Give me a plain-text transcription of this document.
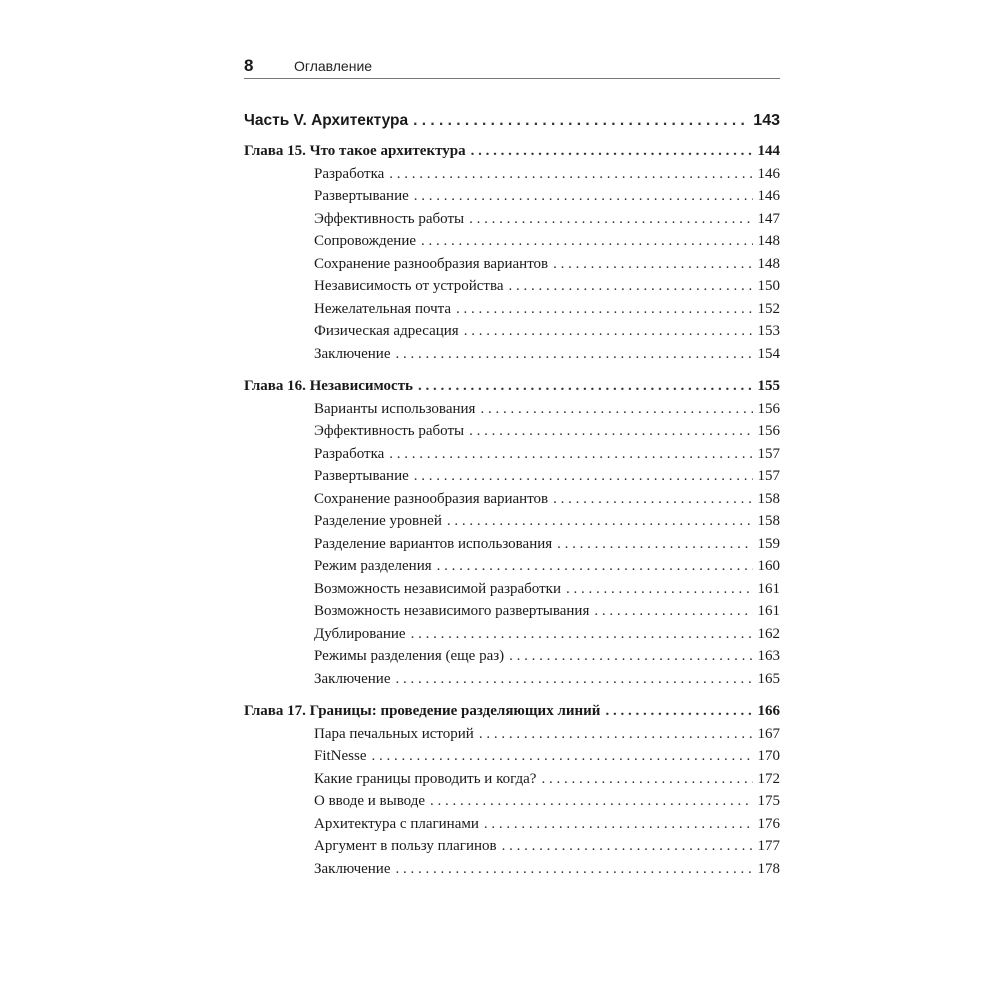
8	Оглавление
Часть V. Архитектура . . .	143
Глава 15. Что такое архитектура . . .	144
Разработка . . .	146
Развертывание . . .	146
Эффективность работы . . .	147
Сопровождение . . .	148
Сохранение разнообразия вариантов . . .	148
Независимость от устройства . . .	150
Нежелательная почта . . .	152
Физическая адресация . . .	153
Заключение . . .	154
Глава 16. Независимость . . .	155
Варианты использования . . .	156
Эффективность работы . . .	156
Разработка . . .	157
Развертывание . . .	157
Сохранение разнообразия вариантов . . .	158
Разделение уровней . . .	158
Разделение вариантов использования . . .	159
Режим разделения . . .	160
Возможность независимой разработки . . .	161
Возможность независимого развертывания . . .	161
Дублирование . . .	162
Режимы разделения (еще раз) . . .	163
Заключение . . .	165
Глава 17. Границы: проведение разделяющих линий . . .	166
Пара печальных историй . . .	167
FitNesse . . .	170
Какие границы проводить и когда? . . .	172
О вводе и выводе . . .	175
Архитектура с плагинами . . .	176
Аргумент в пользу плагинов . . .	177
Заключение . . .	178
